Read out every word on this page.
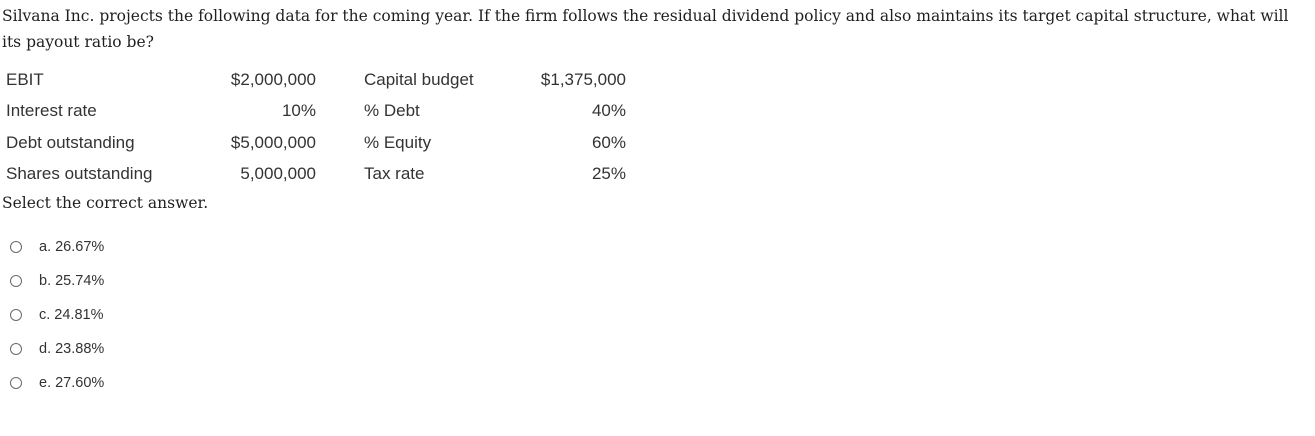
Silvana Inc. projects the following data for the coming year. If the firm follows the residual dividend policy and also maintains its target capital structure, what will its payout ratio be?
EBIT	$2,000,000		Capital budget	$1,375,000
Interest rate	10%		% Debt	40%
Debt outstanding	$5,000,000		% Equity	60%
Shares outstanding	5,000,000		Tax rate	25%
Select the correct answer.
a. 26.67%
b. 25.74%
c. 24.81%
d. 23.88%
e. 27.60%
